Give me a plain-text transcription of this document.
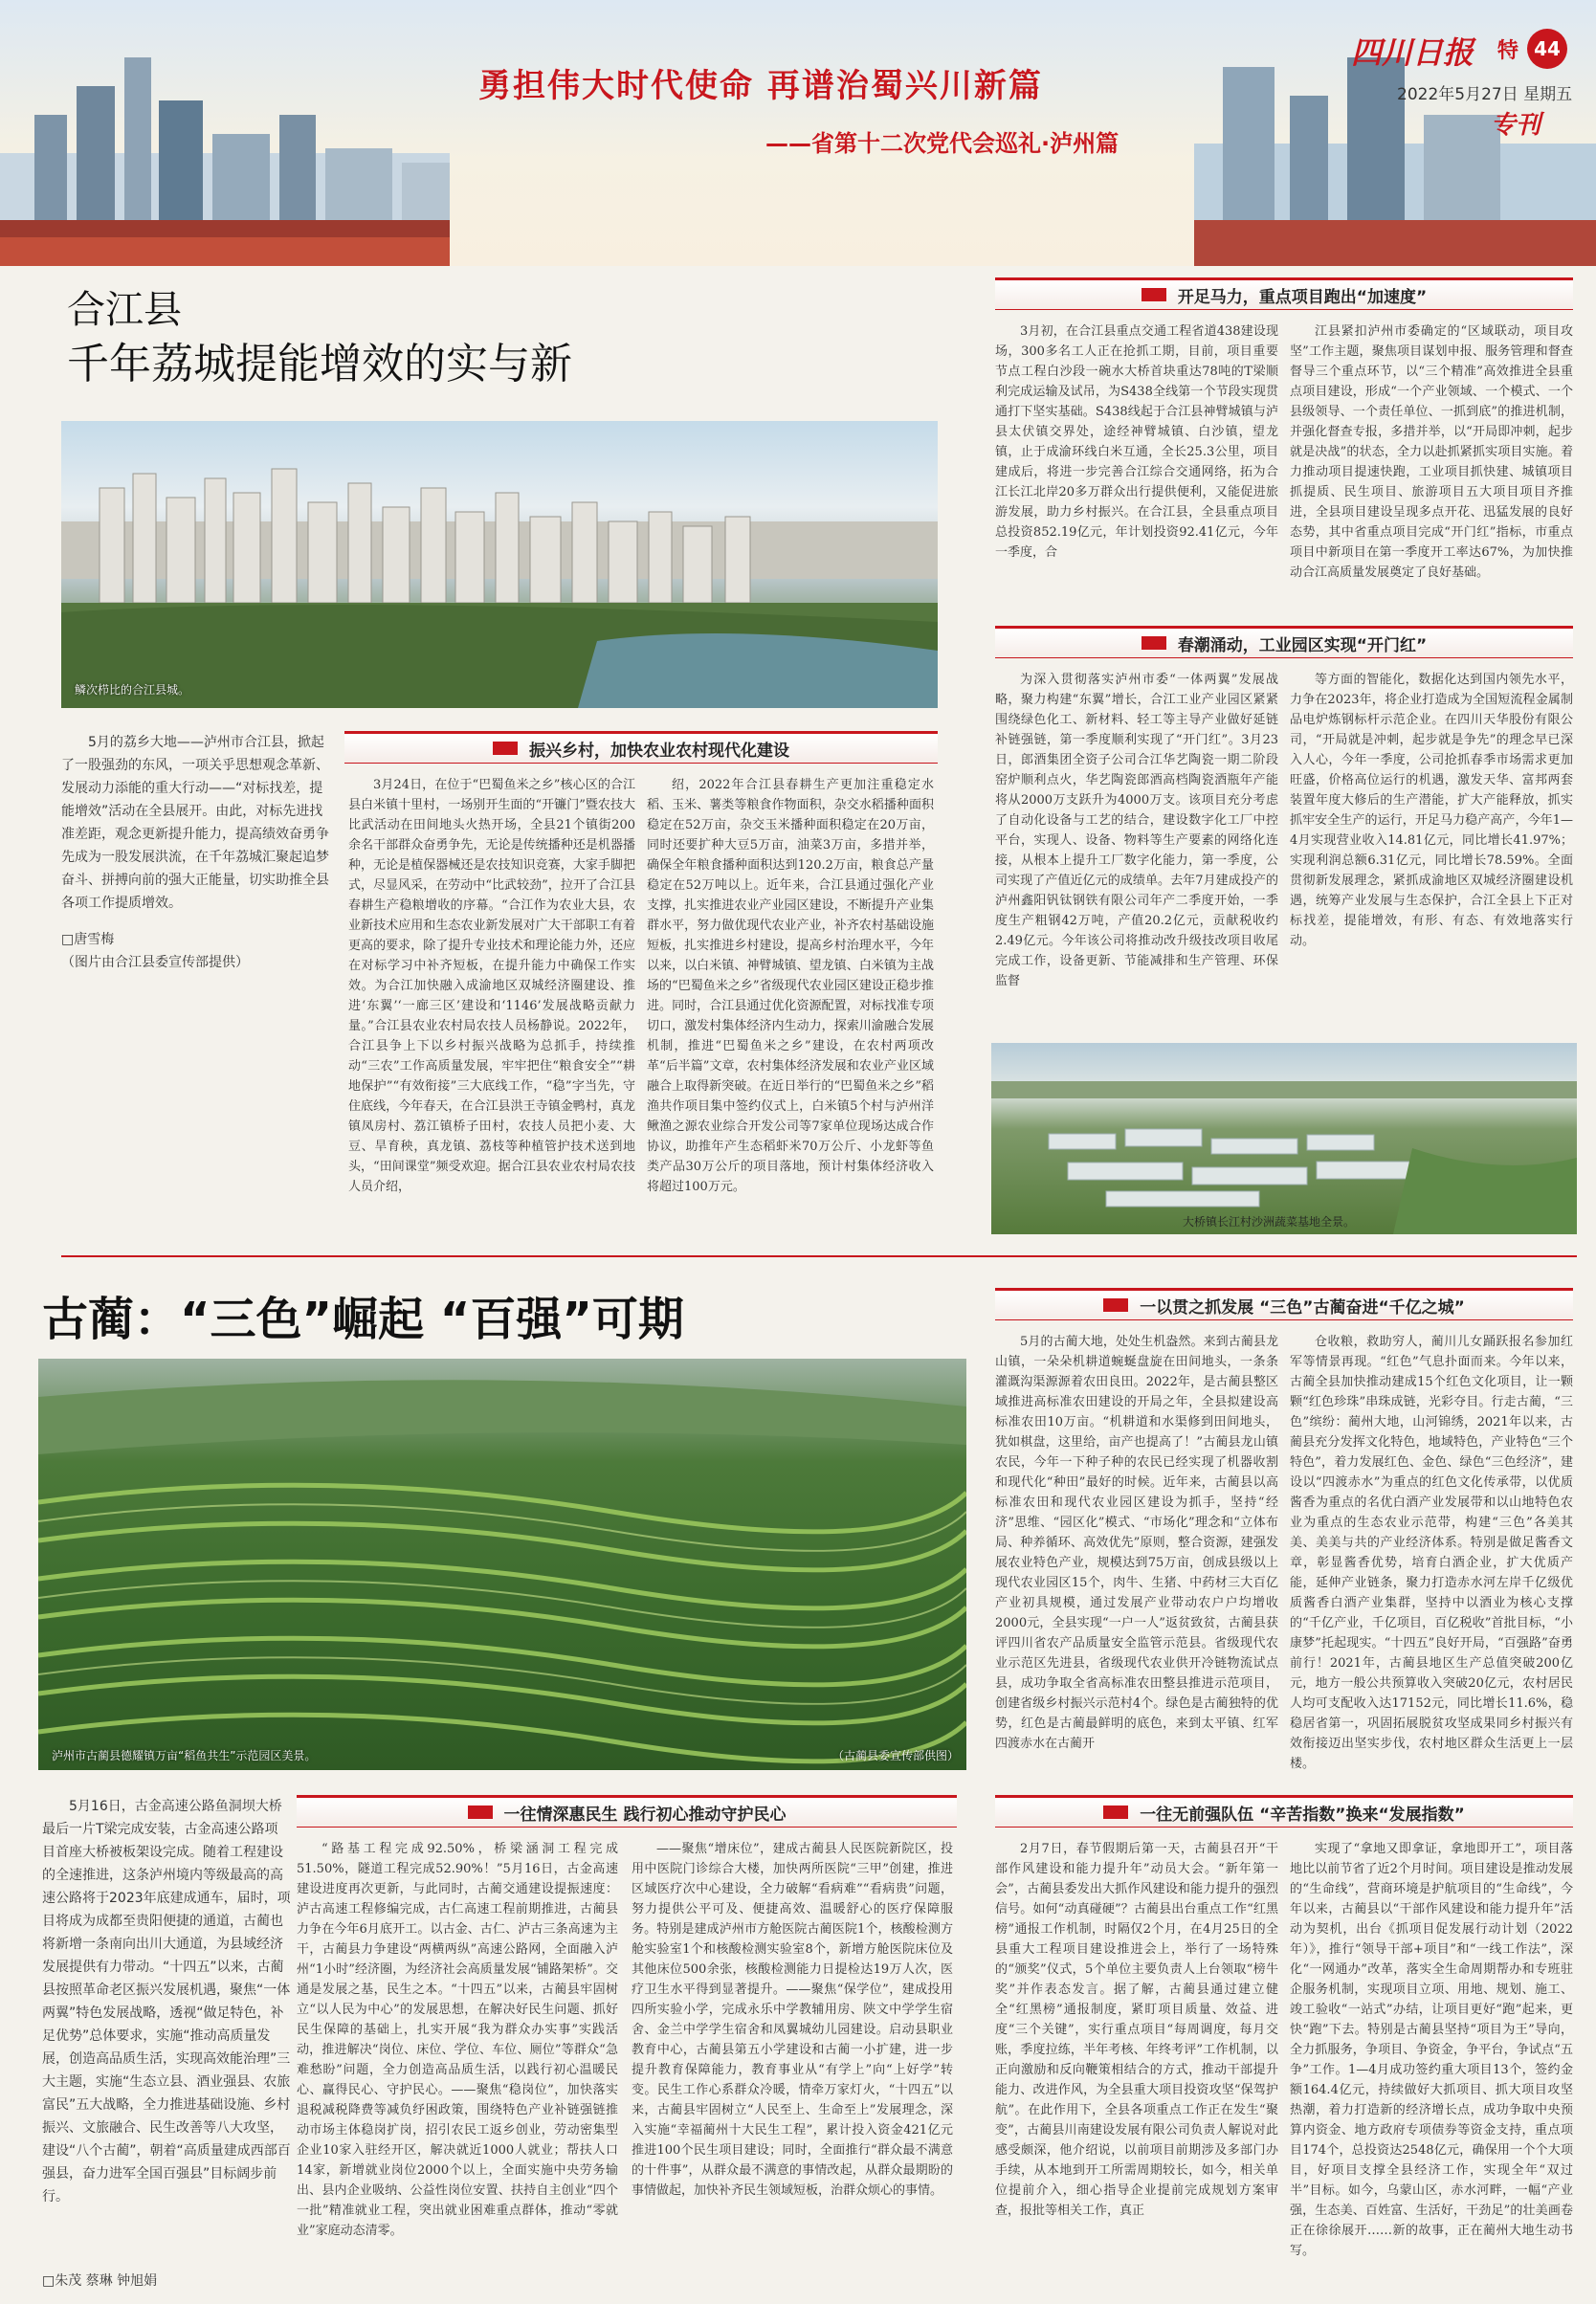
勇担伟大时代使命 再谱治蜀兴川新篇
——省第十二次党代会巡礼·泸州篇
四川日报 特 44
2022年5月27日 星期五
专刊
合江县
千年荔城提能增效的实与新
鳞次栉比的合江县城。

5月的荔乡大地——泸州市合江县，掀起了一股强劲的东风，一项关乎思想观念革新、发展动力添能的重大行动——“对标找差，提能增效”活动在全县展开。由此，对标先进找准差距，观念更新提升能力，提高绩效奋勇争先成为一股发展洪流，在千年荔城汇聚起追梦奋斗、拼搏向前的强大正能量，切实助推全县各项工作提质增效。

□唐雪梅
（图片由合江县委宣传部提供）
振兴乡村，加快农业农村现代化建设

3月24日，在位于“巴蜀鱼米之乡”核心区的合江县白米镇十里村，一场别开生面的“开镰门”暨农技大比武活动在田间地头火热开场，全县21个镇街200余名干部群众奋勇争先，无论是传统播种还是机器播种，无论是植保器械还是农技知识竞赛，大家手脚把式，尽显风采，在劳动中“比武较劲”，拉开了合江县春耕生产稳粮增收的序幕。“合江作为农业大县，农业新技术应用和生态农业新发展对广大干部职工有着更高的要求，除了提升专业技术和理论能力外，还应在对标学习中补齐短板，在提升能力中确保工作实效。为合江加快融入成渝地区双城经济圈建设、推进‘东翼’‘一廊三区’建设和‘1146’发展战略贡献力量。”合江县农业农村局农技人员杨静说。2022年，合江县争上下以乡村振兴战略为总抓手，持续推动“三农”工作高质量发展，牢牢把住“粮食安全”“耕地保护”“有效衔接”三大底线工作，“稳”字当先，守住底线，今年春天，在合江县洪王寺镇金鸭村，真龙镇凤房村、荔江镇桥子田村，农技人员把小麦、大豆、旱育秧，真龙镇、荔枝等种植管护技术送到地头，“田间课堂”频受欢迎。据合江县农业农村局农技人员介绍，

绍，2022年合江县春耕生产更加注重稳定水稻、玉米、薯类等粮食作物面积，杂交水稻播种面积稳定在52万亩，杂交玉米播种面积稳定在20万亩，同时还要扩种大豆5万亩，油菜3万亩，多措并举，确保全年粮食播种面积达到120.2万亩，粮食总产量稳定在52万吨以上。近年来，合江县通过强化产业支撑，扎实推进农业产业园区建设，不断提升产业集群水平，努力做优现代农业产业，补齐农村基础设施短板，扎实推进乡村建设，提高乡村治理水平，今年以来，以白米镇、神臂城镇、望龙镇、白米镇为主战场的“巴蜀鱼米之乡”省级现代农业园区建设正稳步推进。同时，合江县通过优化资源配置，对标找准专项切口，激发村集体经济内生动力，探索川渝融合发展机制，推进“巴蜀鱼米之乡”建设，在农村两项改革“后半篇”文章，农村集体经济发展和农业产业区域融合上取得新突破。在近日举行的“巴蜀鱼米之乡”稻渔共作项目集中签约仪式上，白米镇5个村与泸州洋鳅渔之源农业综合开发公司等7家单位现场达成合作协议，助推年产生态稻虾米70万公斤、小龙虾等鱼类产品30万公斤的项目落地，预计村集体经济收入将超过100万元。

开足马力，重点项目跑出“加速度”

3月初，在合江县重点交通工程省道438建设现场，300多名工人正在抢抓工期，目前，项目重要节点工程白沙段一碗水大桥首块重达78吨的T梁顺利完成运输及试吊，为S438全线第一个节段实现贯通打下坚实基础。S438线起于合江县神臂城镇与泸县太伏镇交界处，途经神臂城镇、白沙镇，望龙镇，止于成渝环线白米互通，全长25.3公里，项目建成后，将进一步完善合江综合交通网络，拓为合江长江北岸20多万群众出行提供便利，又能促进旅游发展，助力乡村振兴。在合江县，全县重点项目总投资852.19亿元，年计划投资92.41亿元，今年一季度，合

江县紧扣泸州市委确定的“区域联动，项目攻坚”工作主题，聚焦项目谋划申报、服务管理和督查督导三个重点环节，以“三个精准”高效推进全县重点项目建设，形成“一个产业领域、一个模式、一个县级领导、一个责任单位、一抓到底”的推进机制，并强化督查专报，多措并举，以“开局即冲刺，起步就是决战”的状态，全力以赴抓紧抓实项目实施。着力推动项目提速快跑，工业项目抓快建、城镇项目抓提质、民生项目、旅游项目五大项目项目齐推进，全县项目建设呈现多点开花、迅猛发展的良好态势，其中省重点项目完成“开门红”指标，市重点项目中新项目在第一季度开工率达67%，为加快推动合江高质量发展奠定了良好基础。

春潮涌动，工业园区实现“开门红”

为深入贯彻落实泸州市委“一体两翼”发展战略，聚力构建“东翼”增长，合江工业产业园区紧紧围绕绿色化工、新材料、轻工等主导产业做好延链补链强链，第一季度顺利实现了“开门红”。3月23日，郎酒集团全资子公司合江华艺陶瓷一期二阶段窑炉顺利点火，华艺陶瓷郎酒高档陶瓷酒瓶年产能将从2000万支跃升为4000万支。该项目充分考虑了自动化设备与工艺的结合，建设数字化工厂中控平台，实现人、设备、物料等生产要素的网络化连接，从根本上提升工厂数字化能力，第一季度，公司实现了产值近亿元的成绩单。去年7月建成投产的泸州鑫阳钒钛钢铁有限公司年产二季度开始，一季度生产粗钢42万吨，产值20.2亿元，贡献税收约2.49亿元。今年该公司将推动改升级技改项目收尾完成工作，设备更新、节能减排和生产管理、环保监督

等方面的智能化，数据化达到国内领先水平，力争在2023年，将企业打造成为全国短流程金属制品电炉炼钢标杆示范企业。在四川天华股份有限公司，“开局就是冲刺，起步就是争先”的理念早已深入人心，今年一季度，公司抢抓春季市场需求更加旺盛，价格高位运行的机遇，激发天华、富邦两套装置年度大修后的生产潜能，扩大产能释放，抓实抓牢安全生产的运行，开足马力稳产高产，今年1—4月实现营业收入14.81亿元，同比增长41.97%；实现利润总额6.31亿元，同比增长78.59%。全面贯彻新发展理念，紧抓成渝地区双城经济圈建设机遇，统筹产业发展与生态保护，合江全县上下正对标找差，提能增效，有形、有态、有效地落实行动。

大桥镇长江村沙洲蔬菜基地全景。
古蔺：“三色”崛起 “百强”可期
泸州市古蔺县德耀镇万亩“稻鱼共生”示范园区美景。	（古蔺县委宣传部供图）
一以贯之抓发展 “三色”古蔺奋进“千亿之城”

5月的古蔺大地，处处生机盎然。来到古蔺县龙山镇，一朵朵机耕道蜿蜒盘旋在田间地头，一条条灌溉沟渠源源着农田良田。2022年，是古蔺县整区域推进高标准农田建设的开局之年，全县拟建设高标准农田10万亩。“机耕道和水渠修到田间地头，犹如棋盘，这里给，亩产也提高了！”古蔺县龙山镇农民，今年一下种子种的农民已经实现了机器收割和现代化“种田”最好的时候。近年来，古蔺县以高标准农田和现代农业园区建设为抓手，坚持“经济”思维、“园区化”模式、“市场化”理念和“立体布局、种养循环、高效优先”原则，整合资源，建强发展农业特色产业，规模达到75万亩，创成县级以上现代农业园区15个，肉牛、生猪、中药材三大百亿产业初具规模，通过发展产业带动农户户均增收2000元，全县实现“一户一人”返贫致贫，古蔺县获评四川省农产品质量安全监管示范县。省级现代农业示范区先进县，省级现代农业供开冷链物流试点县，成功争取全省高标准农田整县推进示范项目，创建省级乡村振兴示范村4个。绿色是古蔺独特的优势，红色是古蔺最鲜明的底色，来到太平镇、红军四渡赤水在古蔺开

仓收粮，救助穷人，蔺川儿女踊跃报名参加红军等情景再现。“红色”气息扑面而来。今年以来，古蔺全县加快推动建成15个红色文化项目，让一颗颗“红色珍珠”串珠成链，光彩夺目。行走古蔺，“三色”缤纷：蔺州大地，山河锦绣，2021年以来，古蔺县充分发挥文化特色，地域特色，产业特色“三个特色”，着力发展红色、金色、绿色“三色经济”，建设以“四渡赤水”为重点的红色文化传承带，以优质酱香为重点的名优白酒产业发展带和以山地特色农业为重点的生态农业示范带，构建“三色”各美其美、美美与共的产业经济体系。特别是做足酱香文章，彰显酱香优势，培育白酒企业，扩大优质产能，延伸产业链条，聚力打造赤水河左岸千亿级优质酱香白酒产业集群，坚持中以酒业为核心支撑的“千亿产业，千亿项目，百亿税收”首批目标，“小康梦”托起现实。“十四五”良好开局，“百强路”奋勇前行！2021年，古蔺县地区生产总值突破200亿元，地方一般公共预算收入突破20亿元，农村居民人均可支配收入达17152元，同比增长11.6%，稳稳居省第一，巩固拓展脱贫攻坚成果同乡村振兴有效衔接迈出坚实步伐，农村地区群众生活更上一层楼。

5月16日，古金高速公路鱼洞坝大桥最后一片T梁完成安装，古金高速公路项目首座大桥被板架设完成。随着工程建设的全速推进，这条泸州境内等级最高的高速公路将于2023年底建成通车，届时，项目将成为成都至贵阳便捷的通道，古蔺也将新增一条南向出川大通道，为县域经济发展提供有力带动。“十四五”以来，古蔺县按照革命老区振兴发展机遇，聚焦“一体两翼”特色发展战略，透视“做足特色，补足优势”总体要求，实施“推动高质量发展，创造高品质生活，实现高效能治理”三大主题，实施“生态立县、酒业强县、农旅富民”五大战略，全力推进基础设施、乡村振兴、文旅融合、民生改善等八大攻坚，建设“八个古蔺”，朝着“高质量建成西部百强县，奋力进军全国百强县”目标阔步前行。

□朱茂 蔡琳 钟旭娟
一往情深惠民生 践行初心推动守护民心

“路基工程完成92.50%，桥梁涵洞工程完成51.50%，隧道工程完成52.90%！”5月16日，古金高速建设进度再次更新，与此同时，古蔺交通建设提振速度：泸古高速工程修编完成，古仁高速工程前期推进，古蔺县力争在今年6月底开工。以古金、古仁、泸古三条高速为主干，古蔺县力争建设“两横两纵”高速公路网，全面融入泸州“1小时”经济圈，为经济社会高质量发展“铺路架桥”。交通是发展之基，民生之本。“十四五”以来，古蔺县牢固树立“以人民为中心”的发展思想，在解决好民生问题、抓好民生保障的基础上，扎实开展“我为群众办实事”实践活动，推进解决“岗位、床位、学位、车位、厕位”等群众“急难愁盼”问题，全力创造高品质生活，以践行初心温暖民心、赢得民心、守护民心。——聚焦“稳岗位”，加快落实退税减税降费等减负纾困政策，围绕特色产业补链强链推动市场主体稳岗扩岗，招引农民工返乡创业，劳动密集型企业10家入驻经开区，解决就近1000人就业；帮扶人口14家，新增就业岗位2000个以上，全面实施中央劳务输出、县内企业吸纳、公益性岗位安置、扶持自主创业“四个一批”精准就业工程，突出就业困难重点群体，推动“零就业”家庭动态清零。

——聚焦“增床位”，建成古蔺县人民医院新院区，投用中医院门诊综合大楼，加快两所医院“三甲”创建，推进区域医疗次中心建设，全力破解“看病难”“看病贵”问题，努力提供公平可及、便捷高效、温暖舒心的医疗保障服务。特别是建成泸州市方舱医院古蔺医院1个，核酸检测方舱实验室1个和核酸检测实验室8个，新增方舱医院床位及其他床位500余张，核酸检测能力日提检达19万人次，医疗卫生水平得到显著提升。——聚焦“保学位”，建成投用四所实验小学，完成永乐中学教辅用房、陕文中学学生宿舍、金兰中学学生宿舍和凤翼城幼儿园建设。启动县职业教育中心，古蔺县第五小学建设和古蔺一小扩建，进一步提升教育保障能力，教育事业从“有学上”向“上好学”转变。民生工作心系群众冷暖，情牵万家灯火，“十四五”以来，古蔺县牢固树立“人民至上、生命至上”发展理念，深入实施“幸福蔺州十大民生工程”，累计投入资金421亿元推进100个民生项目建设；同时，全面推行“群众最不满意的十件事”，从群众最不满意的事情改起，从群众最期盼的事情做起，加快补齐民生领域短板，治群众烦心的事情。

一往无前强队伍 “辛苦指数”换来“发展指数”

2月7日，春节假期后第一天，古蔺县召开“干部作风建设和能力提升年”动员大会。“新年第一会”，古蔺县委发出大抓作风建设和能力提升的强烈信号。如何“动真碰硬”？古蔺县出台重点工作“红黑榜”通报工作机制，时隔仅2个月，在4月25日的全县重大工程项目建设推进会上，举行了一场特殊的“颁奖”仪式，5个单位主要负责人上台领取“榜牛奖”并作表态发言。据了解，古蔺县通过建立健全“红黑榜”通报制度，紧盯项目质量、效益、进度“三个关键”，实行重点项目“每周调度，每月交账，季度拉练，半年考核、年终考评”工作机制，以正向激励和反向鞭策相结合的方式，推动干部提升能力、改进作风，为全县重大项目投资攻坚“保驾护航”。在此作用下，全县各项重点工作正在发生“聚变”，古蔺县川南建设发展有限公司负责人解说对此感受颇深，他介绍说，以前项目前期涉及多部门办手续，从本地到开工所需周期较长，如今，相关单位提前介入，细心指导企业提前完成规划方案审查，报批等相关工作，真正

实现了“拿地又即拿证，拿地即开工”，项目落地比以前节省了近2个月时间。项目建设是推动发展的“生命线”，营商环境是护航项目的“生命线”，今年以来，古蔺县以“干部作风建设和能力提升年”活动为契机，出台《抓项目促发展行动计划（2022年）》，推行“领导干部+项目”和“一线工作法”，深化“一网通办”改革，落实全生命周期帮办和专班驻企服务机制，实现项目立项、用地、规划、施工、竣工验收“一站式”办结，让项目更好“跑”起来，更快“跑”下去。特别是古蔺县坚持“项目为王”导向，全力抓服务，争项目、争资金，争平台，争试点“五争”工作。1—4月成功签约重大项目13个，签约金额164.4亿元，持续做好大抓项目、抓大项目攻坚热潮，着力打造新的经济增长点，成功争取中央预算内资金、地方政府专项债券等资金支持，重点项目174个，总投资达2548亿元，确保用一个个大项目，好项目支撑全县经济工作，实现全年“双过半”目标。如今，乌蒙山区，赤水河畔，一幅“产业强，生态美、百姓富、生活好，干劲足”的壮美画卷正在徐徐展开……新的故事，正在蔺州大地生动书写。
